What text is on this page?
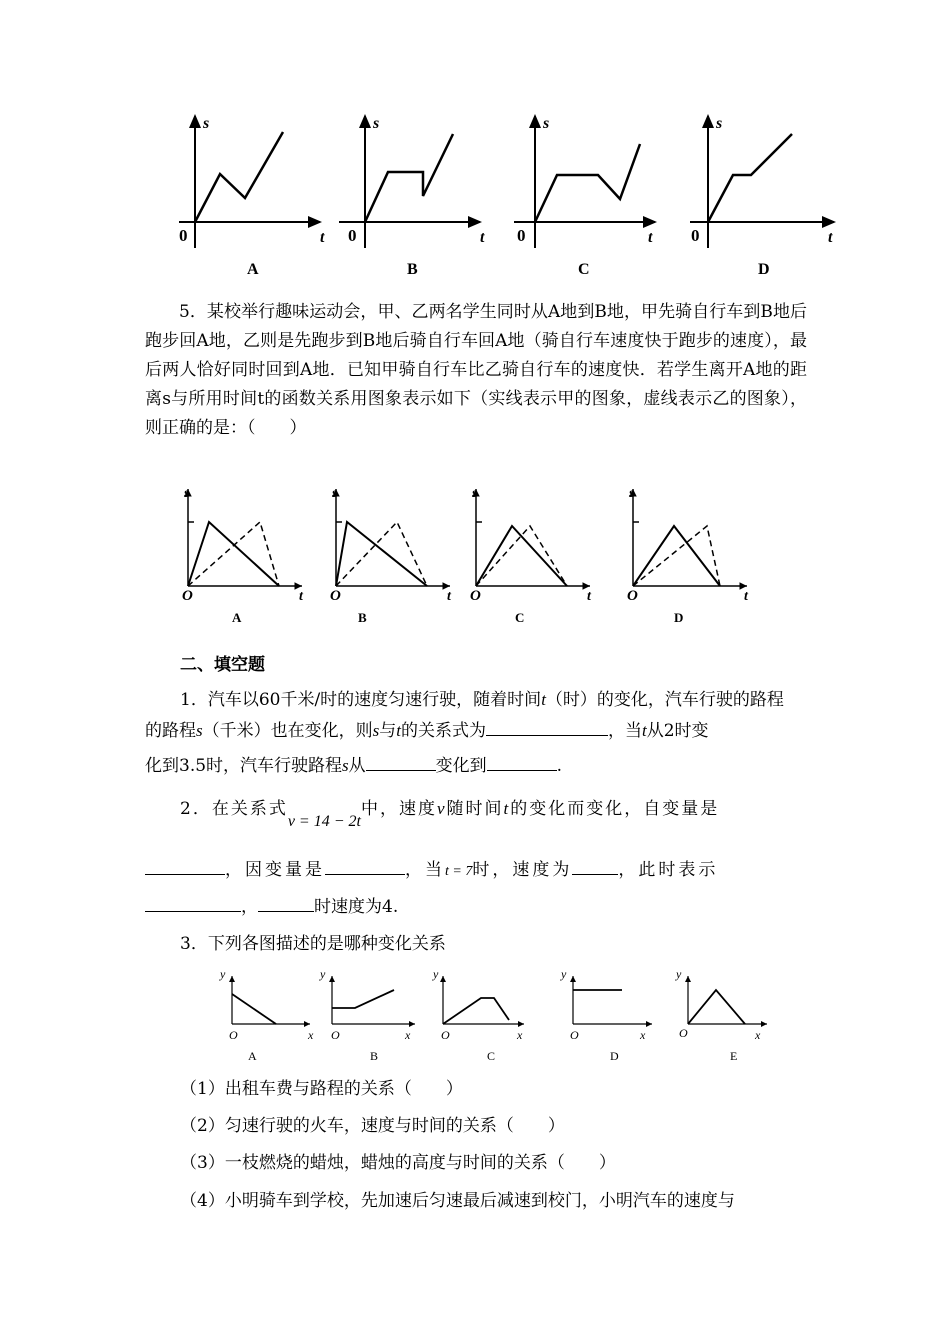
s
t
0
A
s
t
0
B
s
t
0
C
s
t
0
D
5．某校举行趣味运动会，甲、乙两名学生同时从A地到B地，甲先骑自行车到B地后跑步回A地，乙则是先跑步到B地后骑自行车回A地（骑自行车速度快于跑步的速度），最后两人恰好同时回到A地．已知甲骑自行车比乙骑自行车的速度快．若学生离开A地的距离s与所用时间t的函数关系用图象表示如下（实线表示甲的图象，虚线表示乙的图象），则正确的是：（　　）
O	t
s
A
O	t
s
B
O	t
s
C
O	t
s
D
二、填空题
1．汽车以60千米/时的速度匀速行驶，随着时间t（时）的变化，汽车行驶的路程
的路程s（千米）也在变化，则s与t的关系式为	，当t从2时变
化到3.5时，汽车行驶路程s从	变化到	.
2．在关系式v = 14 − 2t中，速度v随时间t的变化而变化，自变量是
，因变量是	，当t = 7时，速度为	，此时表示
，	时速度为4.
3．下列各图描述的是哪种变化关系
y
O	x
A
y
O	x
B
y
O	x
C
y
O	x
D
y
O	x
E
（1）出租车费与路程的关系（　　）
（2）匀速行驶的火车，速度与时间的关系（　　）
（3）一枝燃烧的蜡烛，蜡烛的高度与时间的关系（　　）
（4）小明骑车到学校，先加速后匀速最后减速到校门，小明汽车的速度与
